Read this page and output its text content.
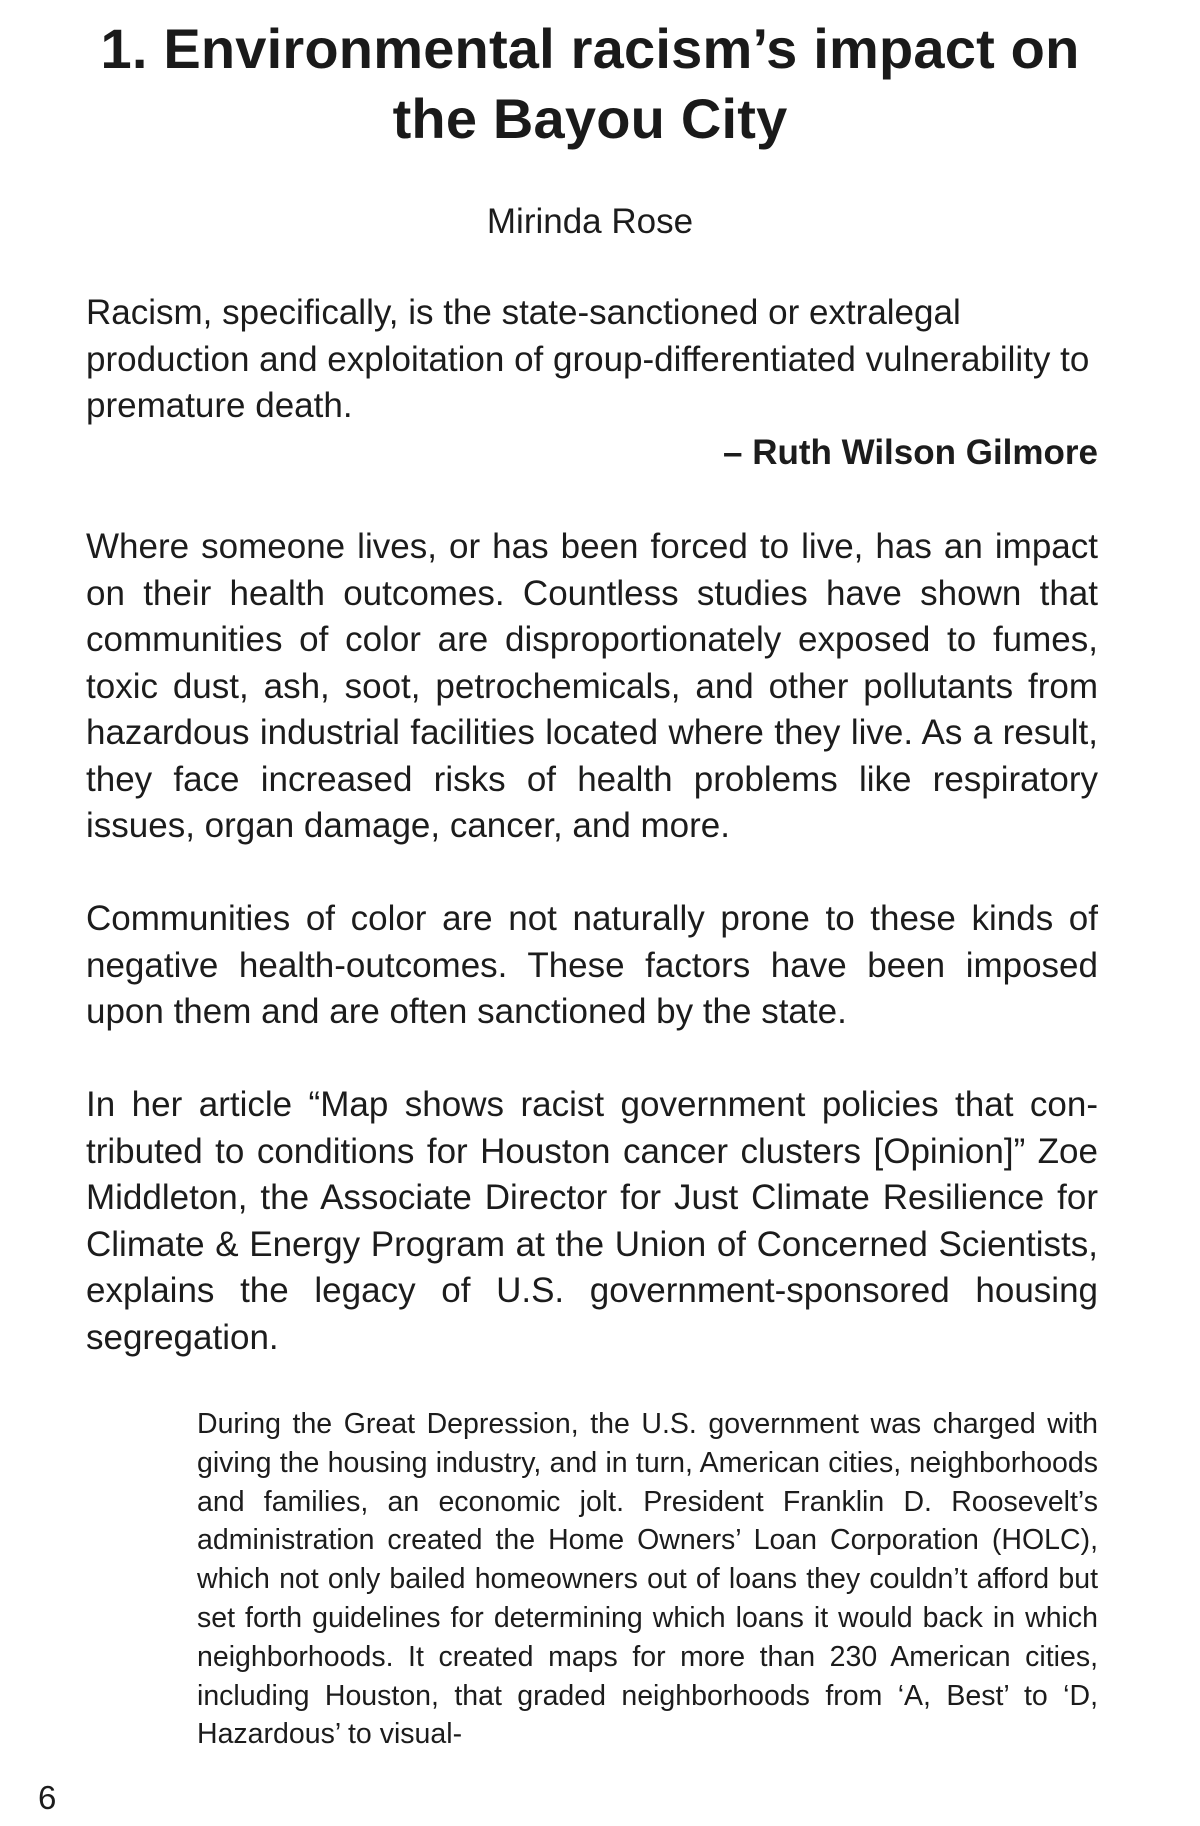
1. Environmental racism’s impact on the Bayou City
Mirinda Rose
Racism, specifically, is the state-sanctioned or extralegal production and exploitation of group-differentiated vulnerability to premature death.
– Ruth Wilson Gilmore
Where someone lives, or has been forced to live, has an impact on their health outcomes. Countless studies have shown that communities of color are disproportionately exposed to fumes, toxic dust, ash, soot, petrochemicals, and other pollutants from hazardous industrial facilities located where they live. As a result, they face increased risks of health problems like respiratory issues, organ damage, cancer, and more.
Communities of color are not naturally prone to these kinds of negative health-outcomes. These factors have been imposed upon them and are often sanctioned by the state.
In her article “Map shows racist government policies that contributed to conditions for Houston cancer clusters [Opinion]” Zoe Middleton, the Associate Director for Just Climate Resilience for Climate & Energy Program at the Union of Concerned Scientists, explains the legacy of U.S. government-sponsored housing segregation.
During the Great Depression, the U.S. government was charged with giving the housing industry, and in turn, American cities, neighborhoods and families, an economic jolt. President Franklin D. Roosevelt’s administration created the Home Owners’ Loan Corporation (HOLC), which not only bailed homeowners out of loans they couldn’t afford but set forth guidelines for determining which loans it would back in which neighborhoods. It created maps for more than 230 American cities, including Houston, that graded neighborhoods from ‘A, Best’ to ‘D, Hazardous’ to visual-
6
